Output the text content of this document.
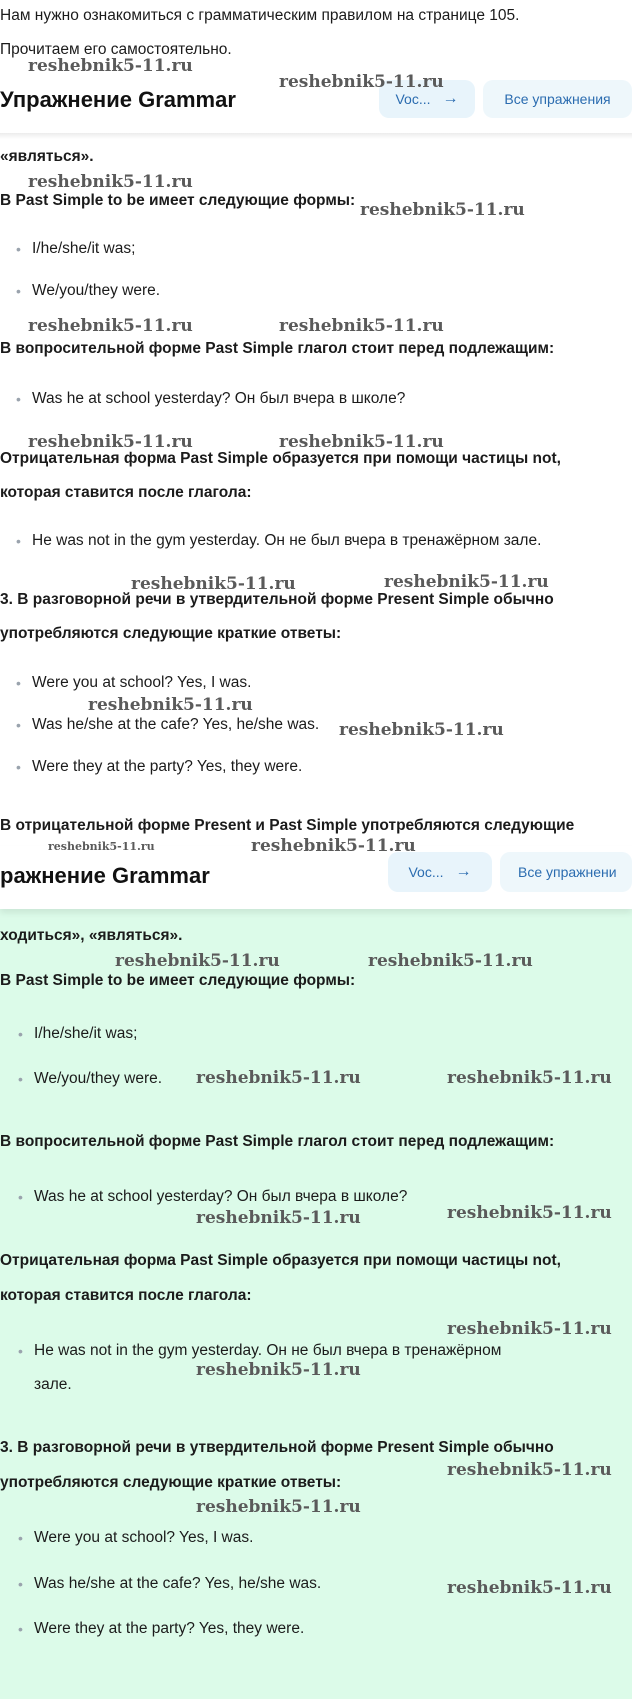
Нам нужно ознакомиться с грамматическим правилом на странице 105.
Прочитаем его самостоятельно.
Упражнение Grammar	Voc... →	Все упражнения
«являться».
В Past Simple to be имеет следующие формы:
• I/he/she/it was;
• We/you/they were.
В вопросительной форме Past Simple глагол стоит перед подлежащим:
• Was he at school yesterday? Он был вчера в школе?
Отрицательная форма Past Simple образуется при помощи частицы not,
которая ставится после глагола:
• He was not in the gym yesterday. Он не был вчера в тренажёрном зале.
3. В разговорной речи в утвердительной форме Present Simple обычно
употребляются следующие краткие ответы:
• Were you at school? Yes, I was.
• Was he/she at the cafe? Yes, he/she was.
• Were they at the party? Yes, they were.
В отрицательной форме Present и Past Simple употребляются следующие
ражнение Grammar	Voc... →	Все упражнени
ходиться», «являться».
В Past Simple to be имеет следующие формы:
• I/he/she/it was;
• We/you/they were.
В вопросительной форме Past Simple глагол стоит перед подлежащим:
• Was he at school yesterday? Он был вчера в школе?
Отрицательная форма Past Simple образуется при помощи частицы not,
которая ставится после глагола:
• He was not in the gym yesterday. Он не был вчера в тренажёрном
зале.
3. В разговорной речи в утвердительной форме Present Simple обычно
употребляются следующие краткие ответы:
• Were you at school? Yes, I was.
• Was he/she at the cafe? Yes, he/she was.
• Were they at the party? Yes, they were.
reshebnik5-11.ru
reshebnik5-11.ru
reshebnik5-11.ru
reshebnik5-11.ru
reshebnik5-11.ru	reshebnik5-11.ru
reshebnik5-11.ru	reshebnik5-11.ru
reshebnik5-11.ru	reshebnik5-11.ru
reshebnik5-11.ru
reshebnik5-11.ru
reshebnik5-11.ru	reshebnik5-11.ru
reshebnik5-11.ru	reshebnik5-11.ru
reshebnik5-11.ru	reshebnik5-11.ru
reshebnik5-11.ru	reshebnik5-11.ru
reshebnik5-11.ru
reshebnik5-11.ru
reshebnik5-11.ru
reshebnik5-11.ru
reshebnik5-11.ru
